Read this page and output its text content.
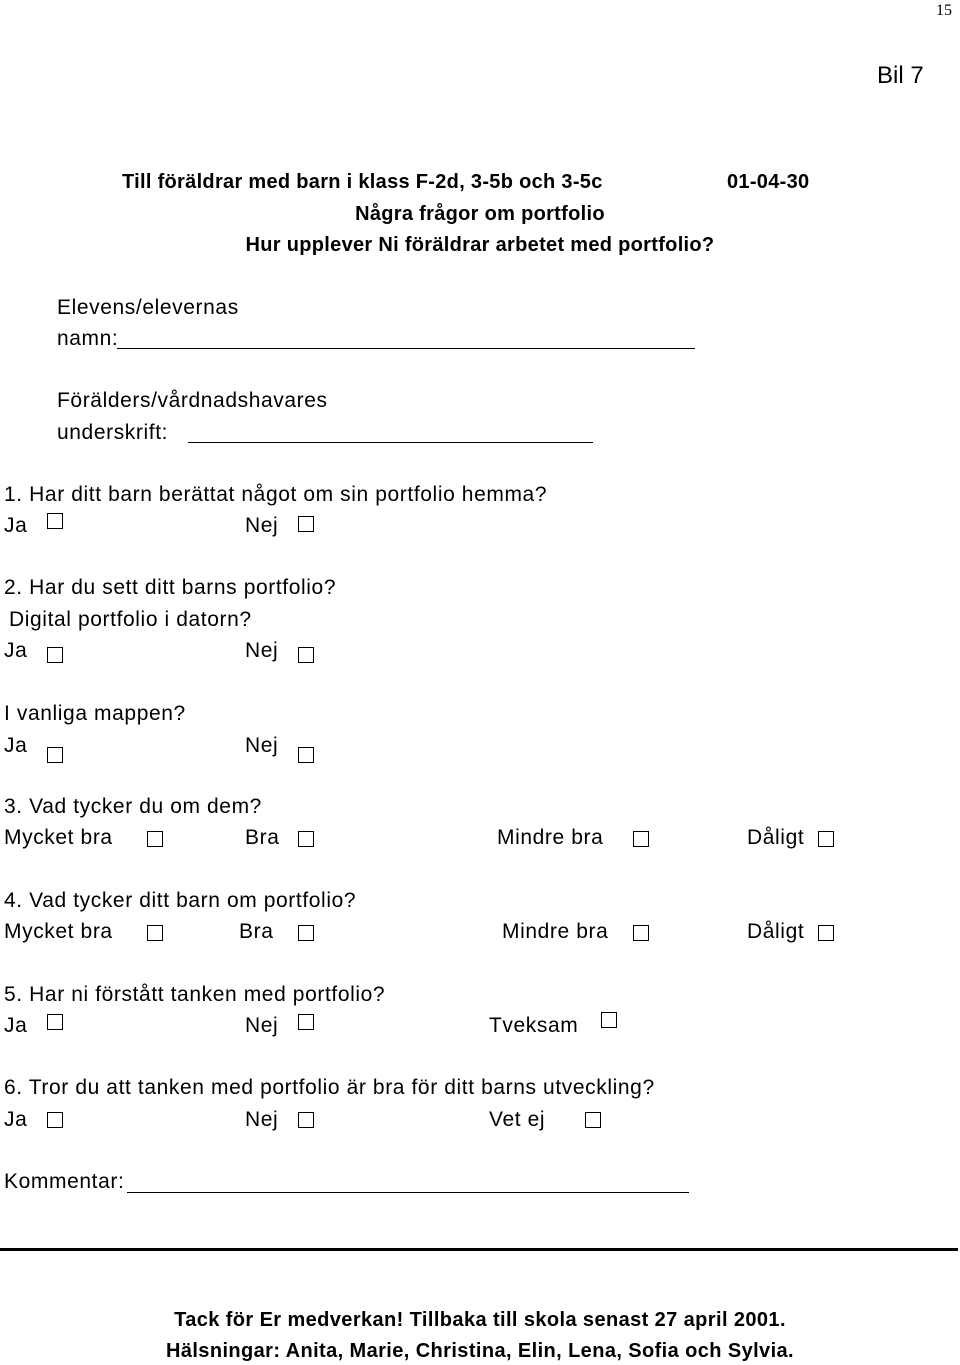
15
Bil 7
Till föräldrar med barn i klass F-2d, 3-5b och 3-5c	01-04-30
Några frågor om portfolio
Hur upplever Ni föräldrar arbetet med portfolio?
Elevens/elevernas
namn:
Förälders/vårdnadshavares
underskrift:
1. Har ditt barn berättat något om sin portfolio hemma?
Ja	Nej
2. Har du sett ditt barns portfolio?
Digital portfolio i datorn?
Ja	Nej
I vanliga mappen?
Ja	Nej
3. Vad tycker du om dem?
Mycket bra	Bra	Mindre bra	Dåligt
4. Vad tycker ditt barn om portfolio?
Mycket bra	Bra	Mindre bra	Dåligt
5. Har ni förstått tanken med portfolio?
Ja	Nej	Tveksam
6. Tror du att tanken med portfolio är bra för ditt barns utveckling?
Ja	Nej	Vet ej
Kommentar:
Tack för Er medverkan! Tillbaka till skola senast 27 april 2001.
Hälsningar: Anita, Marie, Christina, Elin, Lena, Sofia och Sylvia.
